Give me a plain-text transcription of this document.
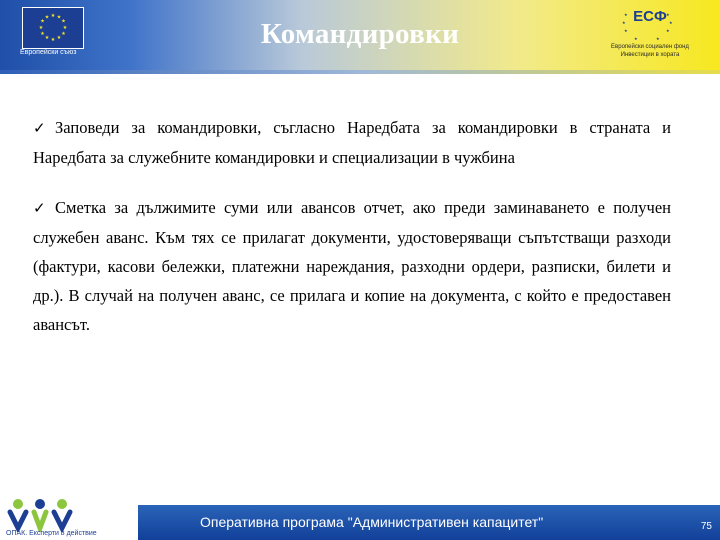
★ ★
★
★
★
★
★
★
★
★
★
★
Европейски съюз
Командировки
★
★
★
★
★
★
★	★
ЕСФ
Европейски социален фонд Инвестиции в хората

✓ Заповеди за командировки, съгласно Наредбата за командировки в страната и Наредбата за служебните командировки и специализации в чужбина

✓ Сметка за дължимите суми или авансов отчет, ако преди заминаването е получен служебен аванс. Към тях се прилагат документи, удостоверяващи съпътстващи разходи (фактури, касови бележки, платежни нареждания, разходни ордери, разписки, билети и др.). В случай на получен аванс, се прилага и копие на документа, с който е предоставен авансът.

ОПАК. Експерти в действие
Оперативна програма "Административен капацитет"	75
